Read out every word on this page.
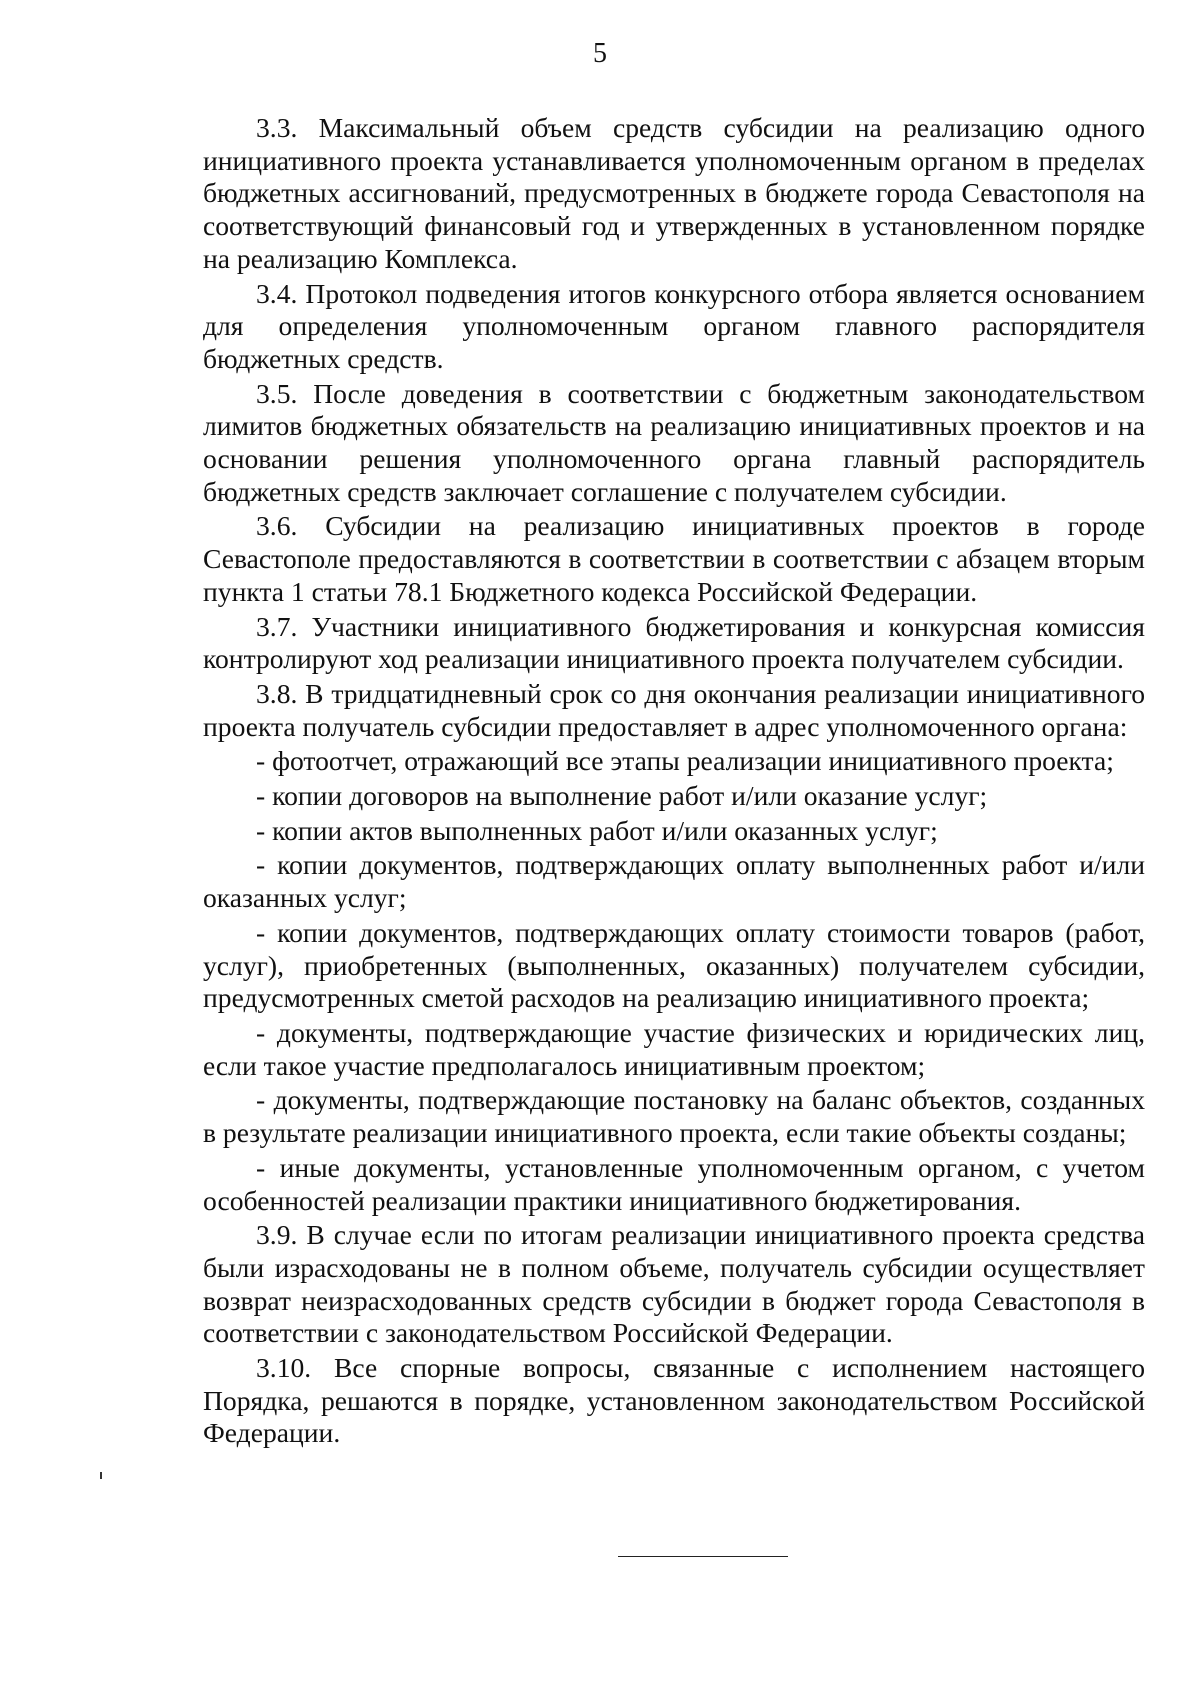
5

3.3. Максимальный объем средств субсидии на реализацию одного инициативного проекта устанавливается уполномоченным органом в пределах бюджетных ассигнований, предусмотренных в бюджете города Севастополя на соответствующий финансовый год и утвержденных в установленном порядке на реализацию Комплекса.

3.4. Протокол подведения итогов конкурсного отбора является основанием для определения уполномоченным органом главного распорядителя бюджетных средств.

3.5. После доведения в соответствии с бюджетным законодательством лимитов бюджетных обязательств на реализацию инициативных проектов и на основании решения уполномоченного органа главный распорядитель бюджетных средств заключает соглашение с получателем субсидии.

3.6. Субсидии на реализацию инициативных проектов в городе Севастополе предоставляются в соответствии в соответствии с абзацем вторым пункта 1 статьи 78.1 Бюджетного кодекса Российской Федерации.

3.7. Участники инициативного бюджетирования и конкурсная комиссия контролируют ход реализации инициативного проекта получателем субсидии.

3.8. В тридцатидневный срок со дня окончания реализации инициативного проекта получатель субсидии предоставляет в адрес уполномоченного органа:

- фотоотчет, отражающий все этапы реализации инициативного проекта;

- копии договоров на выполнение работ и/или оказание услуг;

- копии актов выполненных работ и/или оказанных услуг;

- копии документов, подтверждающих оплату выполненных работ и/или оказанных услуг;

- копии документов, подтверждающих оплату стоимости товаров (работ, услуг), приобретенных (выполненных, оказанных) получателем субсидии, предусмотренных сметой расходов на реализацию инициативного проекта;

- документы, подтверждающие участие физических и юридических лиц, если такое участие предполагалось инициативным проектом;

- документы, подтверждающие постановку на баланс объектов, созданных в результате реализации инициативного проекта, если такие объекты созданы;

- иные документы, установленные уполномоченным органом, с учетом особенностей реализации практики инициативного бюджетирования.

3.9. В случае если по итогам реализации инициативного проекта средства были израсходованы не в полном объеме, получатель субсидии осуществляет возврат неизрасходованных средств субсидии в бюджет города Севастополя в соответствии с законодательством Российской Федерации.

3.10. Все спорные вопросы, связанные с исполнением настоящего Порядка, решаются в порядке, установленном законодательством Российской Федерации.
